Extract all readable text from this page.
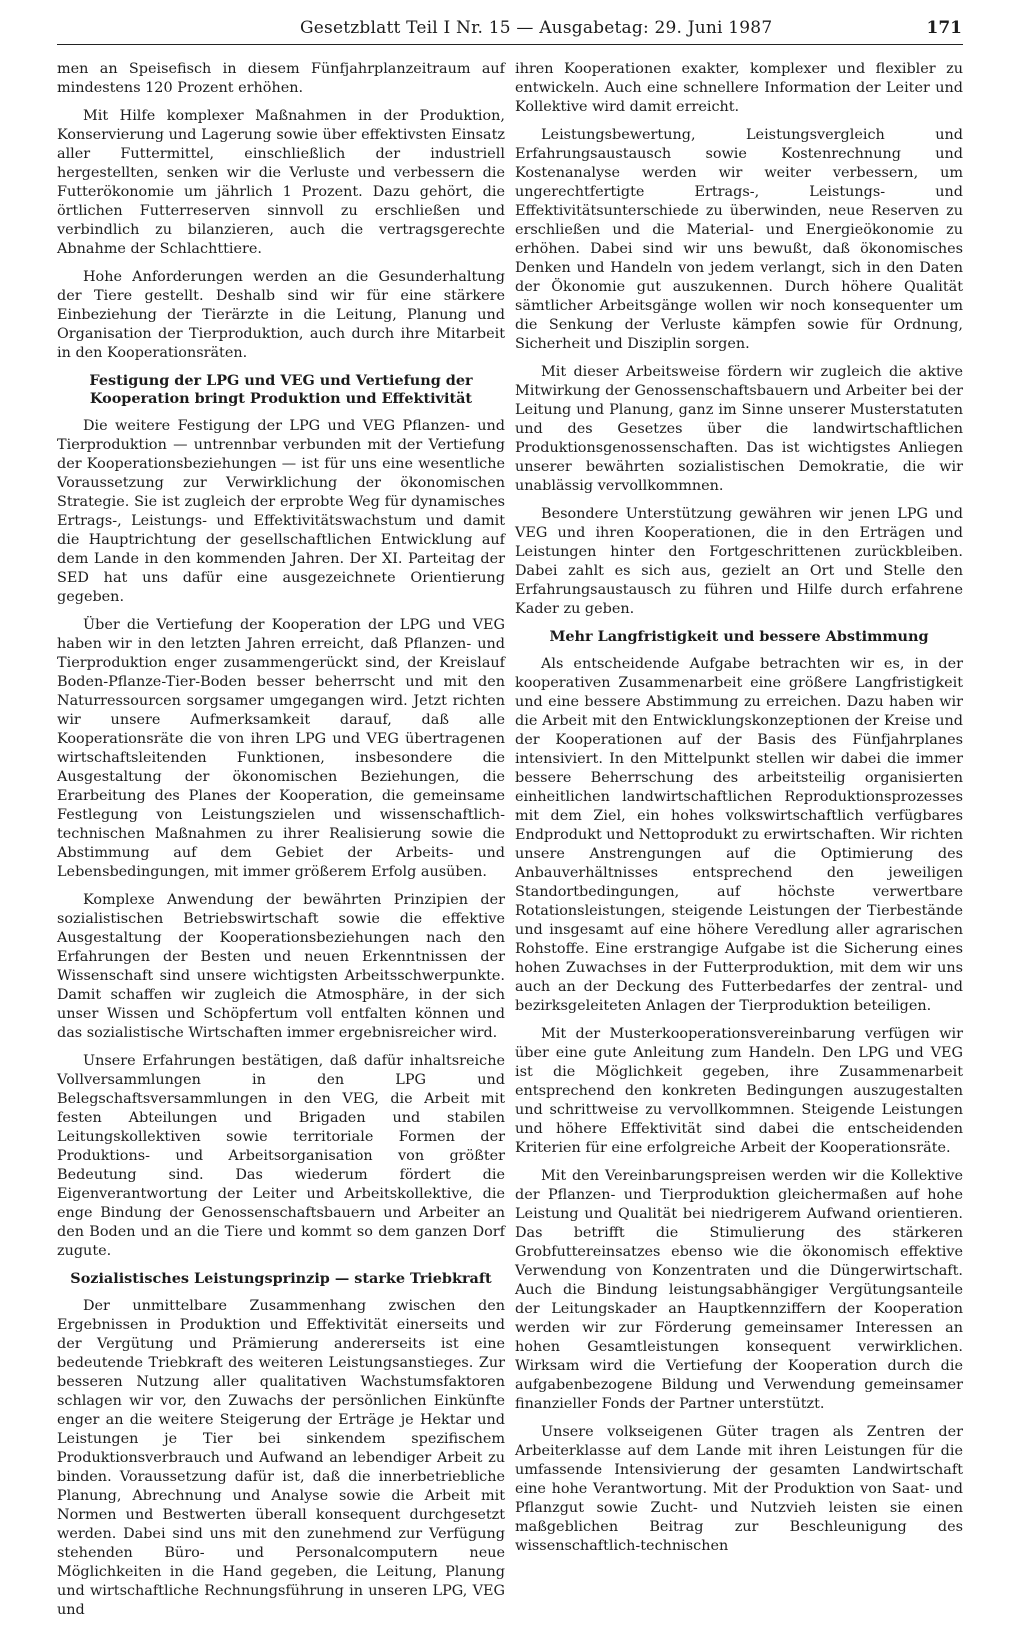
Gesetzblatt Teil I Nr. 15 — Ausgabetag: 29. Juni 1987	171

men an Speisefisch in diesem Fünfjahrplanzeitraum auf mindestens 120 Prozent erhöhen.

Mit Hilfe komplexer Maßnahmen in der Produktion, Konservierung und Lagerung sowie über effektivsten Einsatz aller Futtermittel, einschließlich der industriell hergestellten, senken wir die Verluste und verbessern die Futterökonomie um jährlich 1 Prozent. Dazu gehört, die örtlichen Futterreserven sinnvoll zu erschließen und verbindlich zu bilanzieren, auch die vertragsgerechte Abnahme der Schlachttiere.

Hohe Anforderungen werden an die Gesunderhaltung der Tiere gestellt. Deshalb sind wir für eine stärkere Einbeziehung der Tierärzte in die Leitung, Planung und Organisation der Tierproduktion, auch durch ihre Mitarbeit in den Kooperationsräten.

Festigung der LPG und VEG und Vertiefung der Kooperation bringt Produktion und Effektivität

Die weitere Festigung der LPG und VEG Pflanzen- und Tierproduktion — untrennbar verbunden mit der Vertiefung der Kooperationsbeziehungen — ist für uns eine wesentliche Voraussetzung zur Verwirklichung der ökonomischen Strategie. Sie ist zugleich der erprobte Weg für dynamisches Ertrags-, Leistungs- und Effektivitätswachstum und damit die Hauptrichtung der gesellschaftlichen Entwicklung auf dem Lande in den kommenden Jahren. Der XI. Parteitag der SED hat uns dafür eine ausgezeichnete Orientierung gegeben.

Über die Vertiefung der Kooperation der LPG und VEG haben wir in den letzten Jahren erreicht, daß Pflanzen- und Tierproduktion enger zusammengerückt sind, der Kreislauf Boden-Pflanze-Tier-Boden besser beherrscht und mit den Naturressourcen sorgsamer umgegangen wird. Jetzt richten wir unsere Aufmerksamkeit darauf, daß alle Kooperationsräte die von ihren LPG und VEG übertragenen wirtschaftsleitenden Funktionen, insbesondere die Ausgestaltung der ökonomischen Beziehungen, die Erarbeitung des Planes der Kooperation, die gemeinsame Festlegung von Leistungszielen und wissenschaftlich-technischen Maßnahmen zu ihrer Realisierung sowie die Abstimmung auf dem Gebiet der Arbeits- und Lebensbedingungen, mit immer größerem Erfolg ausüben.

Komplexe Anwendung der bewährten Prinzipien der sozialistischen Betriebswirtschaft sowie die effektive Ausgestaltung der Kooperationsbeziehungen nach den Erfahrungen der Besten und neuen Erkenntnissen der Wissenschaft sind unsere wichtigsten Arbeitsschwerpunkte. Damit schaffen wir zugleich die Atmosphäre, in der sich unser Wissen und Schöpfertum voll entfalten können und das sozialistische Wirtschaften immer ergebnisreicher wird.

Unsere Erfahrungen bestätigen, daß dafür inhaltsreiche Vollversammlungen in den LPG und Belegschaftsversammlungen in den VEG, die Arbeit mit festen Abteilungen und Brigaden und stabilen Leitungskollektiven sowie territoriale Formen der Produktions- und Arbeitsorganisation von größter Bedeutung sind. Das wiederum fördert die Eigenverantwortung der Leiter und Arbeitskollektive, die enge Bindung der Genossenschaftsbauern und Arbeiter an den Boden und an die Tiere und kommt so dem ganzen Dorf zugute.

Sozialistisches Leistungsprinzip — starke Triebkraft

Der unmittelbare Zusammenhang zwischen den Ergebnissen in Produktion und Effektivität einerseits und der Vergütung und Prämierung andererseits ist eine bedeutende Triebkraft des weiteren Leistungsanstieges. Zur besseren Nutzung aller qualitativen Wachstumsfaktoren schlagen wir vor, den Zuwachs der persönlichen Einkünfte enger an die weitere Steigerung der Erträge je Hektar und Leistungen je Tier bei sinkendem spezifischem Produktionsverbrauch und Aufwand an lebendiger Arbeit zu binden. Voraussetzung dafür ist, daß die innerbetriebliche Planung, Abrechnung und Analyse sowie die Arbeit mit Normen und Bestwerten überall konsequent durchgesetzt werden. Dabei sind uns mit den zunehmend zur Verfügung stehenden Büro- und Personalcomputern neue Möglichkeiten in die Hand gegeben, die Leitung, Planung und wirtschaftliche Rechnungsführung in unseren LPG, VEG und

ihren Kooperationen exakter, komplexer und flexibler zu entwickeln. Auch eine schnellere Information der Leiter und Kollektive wird damit erreicht.

Leistungsbewertung, Leistungsvergleich und Erfahrungsaustausch sowie Kostenrechnung und Kostenanalyse werden wir weiter verbessern, um ungerechtfertigte Ertrags-, Leistungs- und Effektivitätsunterschiede zu überwinden, neue Reserven zu erschließen und die Material- und Energieökonomie zu erhöhen. Dabei sind wir uns bewußt, daß ökonomisches Denken und Handeln von jedem verlangt, sich in den Daten der Ökonomie gut auszukennen. Durch höhere Qualität sämtlicher Arbeitsgänge wollen wir noch konsequenter um die Senkung der Verluste kämpfen sowie für Ordnung, Sicherheit und Disziplin sorgen.

Mit dieser Arbeitsweise fördern wir zugleich die aktive Mitwirkung der Genossenschaftsbauern und Arbeiter bei der Leitung und Planung, ganz im Sinne unserer Musterstatuten und des Gesetzes über die landwirtschaftlichen Produktionsgenossenschaften. Das ist wichtigstes Anliegen unserer bewährten sozialistischen Demokratie, die wir unablässig vervollkommnen.

Besondere Unterstützung gewähren wir jenen LPG und VEG und ihren Kooperationen, die in den Erträgen und Leistungen hinter den Fortgeschrittenen zurückbleiben. Dabei zahlt es sich aus, gezielt an Ort und Stelle den Erfahrungsaustausch zu führen und Hilfe durch erfahrene Kader zu geben.

Mehr Langfristigkeit und bessere Abstimmung

Als entscheidende Aufgabe betrachten wir es, in der kooperativen Zusammenarbeit eine größere Langfristigkeit und eine bessere Abstimmung zu erreichen. Dazu haben wir die Arbeit mit den Entwicklungskonzeptionen der Kreise und der Kooperationen auf der Basis des Fünfjahrplanes intensiviert. In den Mittelpunkt stellen wir dabei die immer bessere Beherrschung des arbeitsteilig organisierten einheitlichen landwirtschaftlichen Reproduktionsprozesses mit dem Ziel, ein hohes volkswirtschaftlich verfügbares Endprodukt und Nettoprodukt zu erwirtschaften. Wir richten unsere Anstrengungen auf die Optimierung des Anbauverhältnisses entsprechend den jeweiligen Standortbedingungen, auf höchste verwertbare Rotationsleistungen, steigende Leistungen der Tierbestände und insgesamt auf eine höhere Veredlung aller agrarischen Rohstoffe. Eine erstrangige Aufgabe ist die Sicherung eines hohen Zuwachses in der Futterproduktion, mit dem wir uns auch an der Deckung des Futterbedarfes der zentral- und bezirksgeleiteten Anlagen der Tierproduktion beteiligen.

Mit der Musterkooperationsvereinbarung verfügen wir über eine gute Anleitung zum Handeln. Den LPG und VEG ist die Möglichkeit gegeben, ihre Zusammenarbeit entsprechend den konkreten Bedingungen auszugestalten und schrittweise zu vervollkommnen. Steigende Leistungen und höhere Effektivität sind dabei die entscheidenden Kriterien für eine erfolgreiche Arbeit der Kooperationsräte.

Mit den Vereinbarungspreisen werden wir die Kollektive der Pflanzen- und Tierproduktion gleichermaßen auf hohe Leistung und Qualität bei niedrigerem Aufwand orientieren. Das betrifft die Stimulierung des stärkeren Grobfuttereinsatzes ebenso wie die ökonomisch effektive Verwendung von Konzentraten und die Düngerwirtschaft. Auch die Bindung leistungsabhängiger Vergütungsanteile der Leitungskader an Hauptkennziffern der Kooperation werden wir zur Förderung gemeinsamer Interessen an hohen Gesamtleistungen konsequent verwirklichen. Wirksam wird die Vertiefung der Kooperation durch die aufgabenbezogene Bildung und Verwendung gemeinsamer finanzieller Fonds der Partner unterstützt.

Unsere volkseigenen Güter tragen als Zentren der Arbeiterklasse auf dem Lande mit ihren Leistungen für die umfassende Intensivierung der gesamten Landwirtschaft eine hohe Verantwortung. Mit der Produktion von Saat- und Pflanzgut sowie Zucht- und Nutzvieh leisten sie einen maßgeblichen Beitrag zur Beschleunigung des wissenschaftlich-technischen
